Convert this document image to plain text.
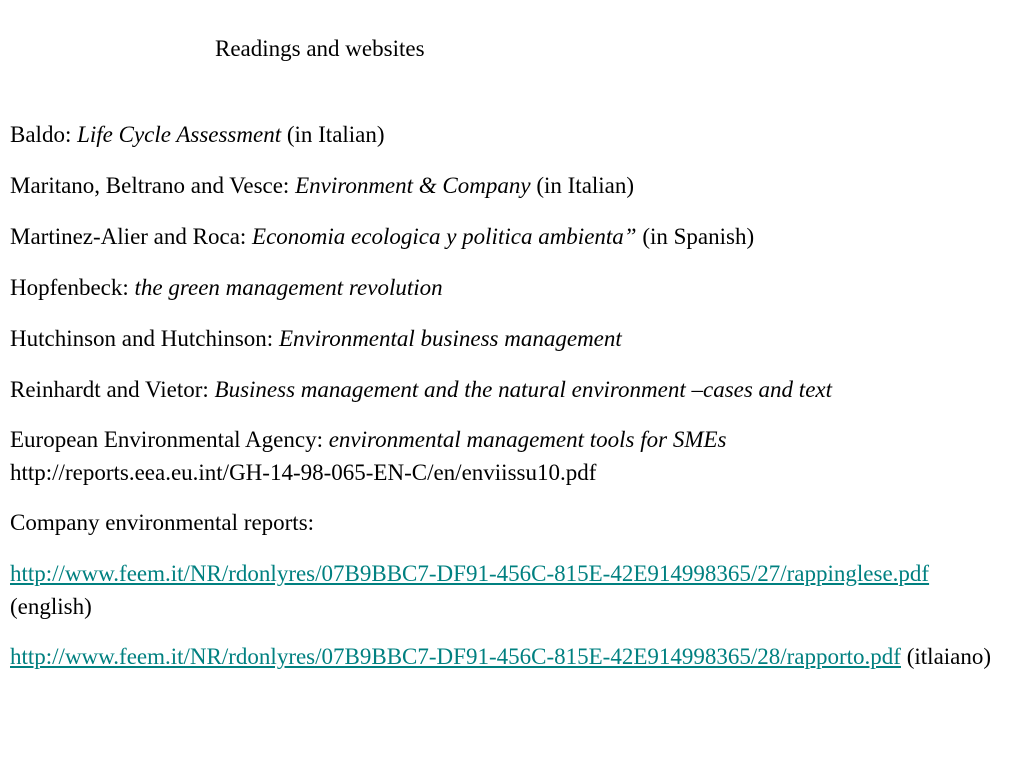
Readings and websites
Baldo: Life Cycle Assessment (in Italian)
Maritano, Beltrano and Vesce: Environment & Company (in Italian)
Martinez-Alier and Roca: Economia ecologica y politica ambienta” (in Spanish)
Hopfenbeck: the green management revolution
Hutchinson and Hutchinson: Environmental business management
Reinhardt and Vietor: Business management and the natural environment –cases and text
European Environmental Agency: environmental management tools for SMEs
http://reports.eea.eu.int/GH-14-98-065-EN-C/en/enviissu10.pdf
Company environmental reports:
http://www.feem.it/NR/rdonlyres/07B9BBC7-DF91-456C-815E-42E914998365/27/rappinglese.pdf (english)
http://www.feem.it/NR/rdonlyres/07B9BBC7-DF91-456C-815E-42E914998365/28/rapporto.pdf (itlaiano)
